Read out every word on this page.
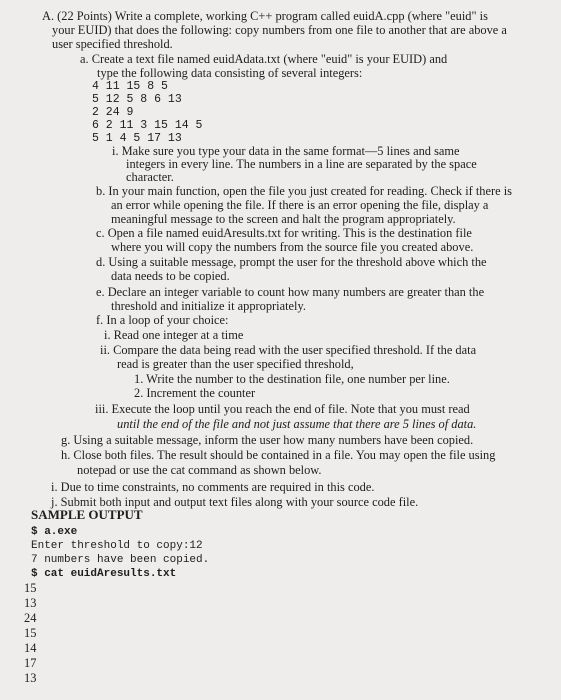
A. (22 Points) Write a complete, working C++ program called euidA.cpp (where "euid" is

your EUID) that does the following: copy numbers from one file to another that are above a

user specified threshold.

a. Create a text file named euidAdata.txt (where "euid" is your EUID) and

type the following data consisting of several integers:

4 11 15 8 5

5 12 5 8 6 13

2 24 9

6 2 11 3 15 14 5

5 1 4 5 17 13

i. Make sure you type your data in the same format—5 lines and same

integers in every line. The numbers in a line are separated by the space

character.

b. In your main function, open the file you just created for reading. Check if there is

an error while opening the file. If there is an error opening the file, display a

meaningful message to the screen and halt the program appropriately.

c. Open a file named euidAresults.txt for writing. This is the destination file

where you will copy the numbers from the source file you created above.

d. Using a suitable message, prompt the user for the threshold above which the

data needs to be copied.

e. Declare an integer variable to count how many numbers are greater than the

threshold and initialize it appropriately.

f. In a loop of your choice:

i. Read one integer at a time

ii. Compare the data being read with the user specified threshold. If the data

read is greater than the user specified threshold,

1. Write the number to the destination file, one number per line.

2. Increment the counter

iii. Execute the loop until you reach the end of file. Note that you must read

until the end of the file and not just assume that there are 5 lines of data.

g. Using a suitable message, inform the user how many numbers have been copied.

h. Close both files. The result should be contained in a file. You may open the file using

notepad or use the cat command as shown below.

i. Due to time constraints, no comments are required in this code.

j. Submit both input and output text files along with your source code file.

SAMPLE OUTPUT

$ a.exe

Enter threshold to copy:12

7 numbers have been copied.

$ cat euidAresults.txt

15

13

24

15

14

17

13
